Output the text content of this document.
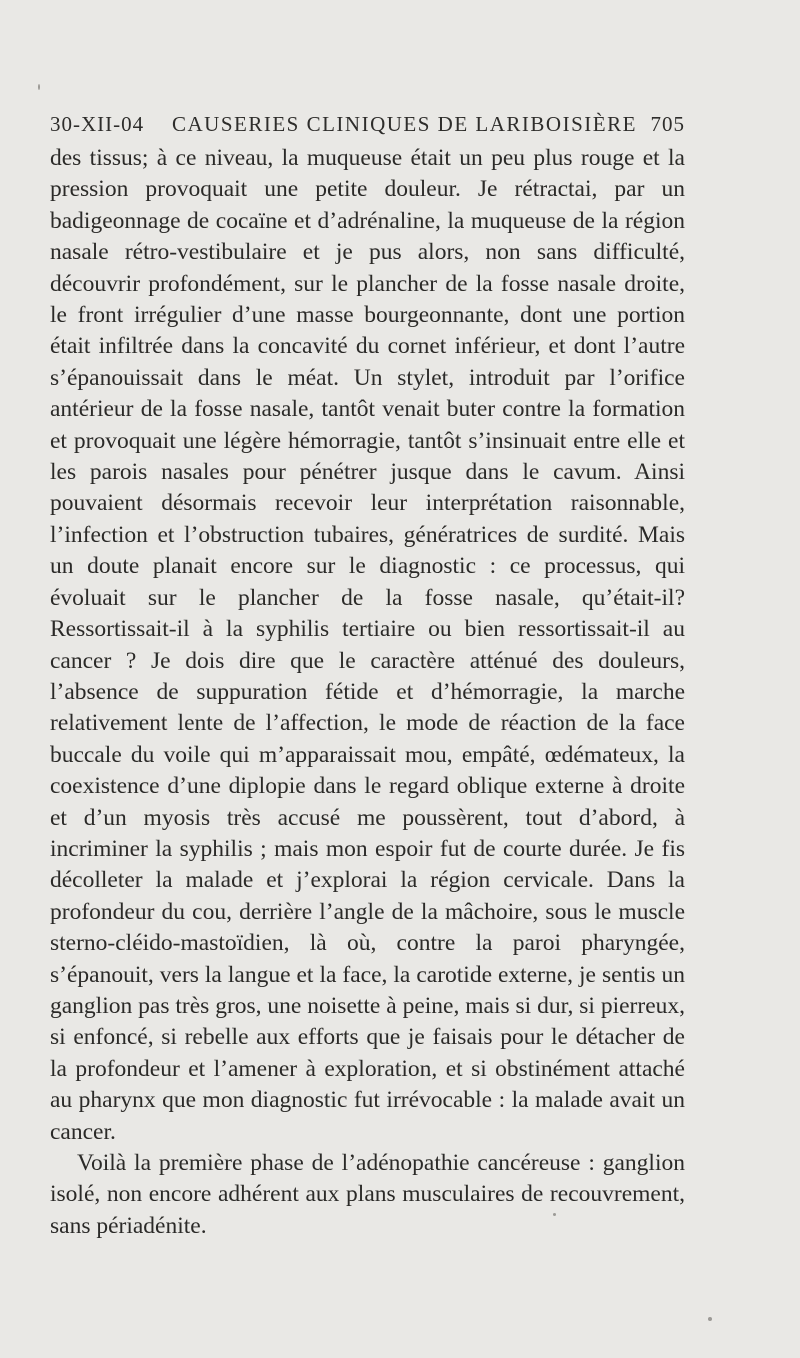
30-XII-04 CAUSERIES CLINIQUES DE LARIBOISIÈRE 705

des tissus; à ce niveau, la muqueuse était un peu plus rouge et la pression provoquait une petite douleur. Je rétractai, par un badigeonnage de cocaïne et d’adrénaline, la muqueuse de la région nasale rétro-vestibulaire et je pus alors, non sans difficulté, découvrir profondément, sur le plancher de la fosse nasale droite, le front irrégulier d’une masse bourgeonnante, dont une portion était infiltrée dans la concavité du cornet inférieur, et dont l’autre s’épanouissait dans le méat. Un stylet, introduit par l’orifice antérieur de la fosse nasale, tantôt venait buter contre la formation et provoquait une légère hémorragie, tantôt s’insinuait entre elle et les parois nasales pour pénétrer jusque dans le cavum. Ainsi pouvaient désormais recevoir leur interprétation raisonnable, l’infection et l’obstruction tubaires, génératrices de surdité. Mais un doute planait encore sur le diagnostic : ce processus, qui évoluait sur le plancher de la fosse nasale, qu’était-il? Ressortissait-il à la syphilis tertiaire ou bien ressortissait-il au cancer ? Je dois dire que le caractère atténué des douleurs, l’absence de suppuration fétide et d’hémorragie, la marche relativement lente de l’affection, le mode de réaction de la face buccale du voile qui m’apparaissait mou, empâté, œdémateux, la coexistence d’une diplopie dans le regard oblique externe à droite et d’un myosis très accusé me poussèrent, tout d’abord, à incriminer la syphilis ; mais mon espoir fut de courte durée. Je fis décolleter la malade et j’explorai la région cervicale. Dans la profondeur du cou, derrière l’angle de la mâchoire, sous le muscle sterno-cléido-mastoïdien, là où, contre la paroi pharyngée, s’épanouit, vers la langue et la face, la carotide externe, je sentis un ganglion pas très gros, une noisette à peine, mais si dur, si pierreux, si enfoncé, si rebelle aux efforts que je faisais pour le détacher de la profondeur et l’amener à exploration, et si obstinément attaché au pharynx que mon diagnostic fut irrévocable : la malade avait un cancer.

Voilà la première phase de l’adénopathie cancéreuse : ganglion isolé, non encore adhérent aux plans musculaires de recouvrement, sans périadénite.
